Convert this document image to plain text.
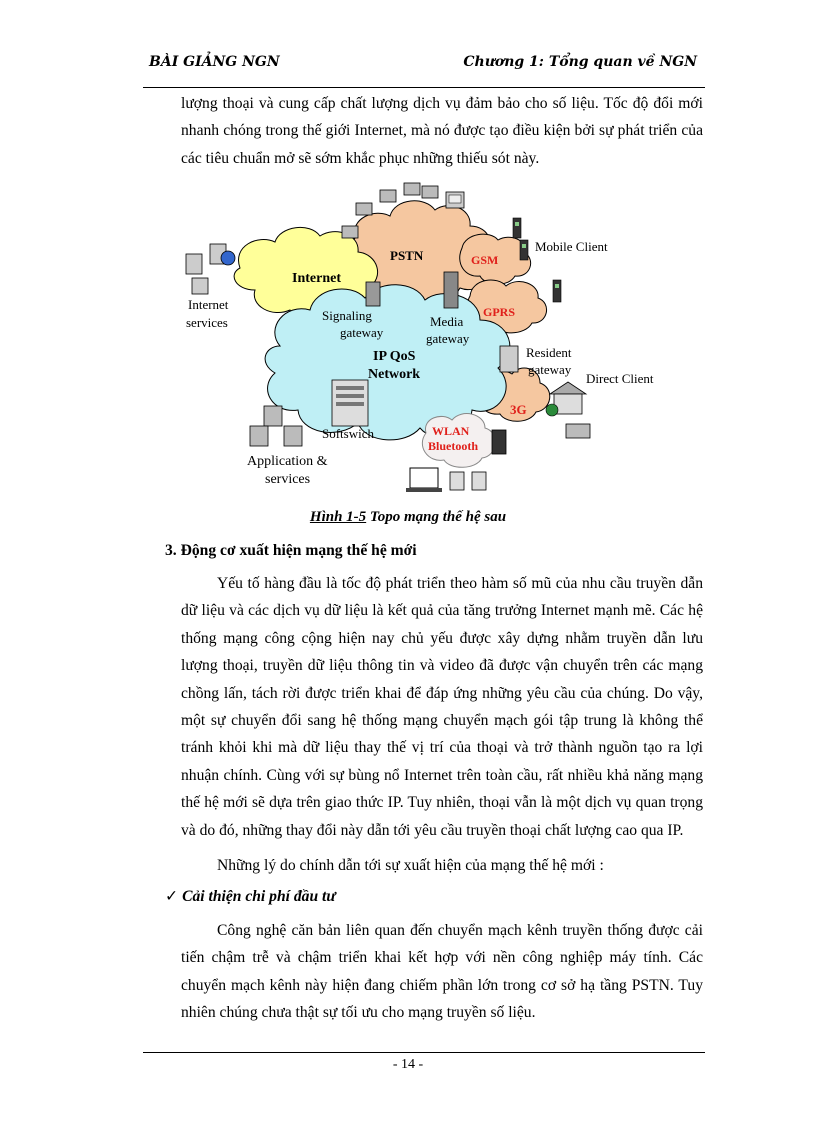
BÀI GIẢNG NGN	Chương 1: Tổng quan về NGN

lượng thoại và cung cấp chất lượng dịch vụ đảm bảo cho số liệu. Tốc độ đổi mới nhanh chóng trong thế giới Internet, mà nó được tạo điều kiện bởi sự phát triển của các tiêu chuẩn mở sẽ sớm khắc phục những thiếu sót này.

Internet
PSTN	GSM
GPRS
IP QoS
Network
3G
WLAN
Bluetooth
Mobile Client
Internet
services	Signaling
gateway
Media
gateway
Resident
gateway
Direct Client
Softswich
Application &
services
Hình 1-5 Topo mạng thế hệ sau
3. Động cơ xuất hiện mạng thế hệ mới

Yếu tố hàng đầu là tốc độ phát triển theo hàm số mũ của nhu cầu truyền dẫn dữ liệu và các dịch vụ dữ liệu là kết quả của tăng trưởng Internet mạnh mẽ. Các hệ thống mạng công cộng hiện nay chủ yếu được xây dựng nhằm truyền dẫn lưu lượng thoại, truyền dữ liệu thông tin và video đã được vận chuyển trên các mạng chồng lấn, tách rời được triển khai để đáp ứng những yêu cầu của chúng. Do vậy, một sự chuyển đổi sang hệ thống mạng chuyển mạch gói tập trung là không thể tránh khỏi khi mà dữ liệu thay thế vị trí của thoại và trở thành nguồn tạo ra lợi nhuận chính. Cùng với sự bùng nổ Internet trên toàn cầu, rất nhiều khả năng mạng thế hệ mới sẽ dựa trên giao thức IP. Tuy nhiên, thoại vẫn là một dịch vụ quan trọng và do đó, những thay đổi này dẫn tới yêu cầu truyền thoại chất lượng cao qua IP.

Những lý do chính dẫn tới sự xuất hiện của mạng thế hệ mới :

✓ Cải thiện chi phí đầu tư

Công nghệ căn bản liên quan đến chuyển mạch kênh truyền thống được cải tiến chậm trễ và chậm triển khai kết hợp với nền công nghiệp máy tính. Các chuyển mạch kênh này hiện đang chiếm phần lớn trong cơ sở hạ tầng PSTN. Tuy nhiên chúng chưa thật sự tối ưu cho mạng truyền số liệu.

- 14 -
